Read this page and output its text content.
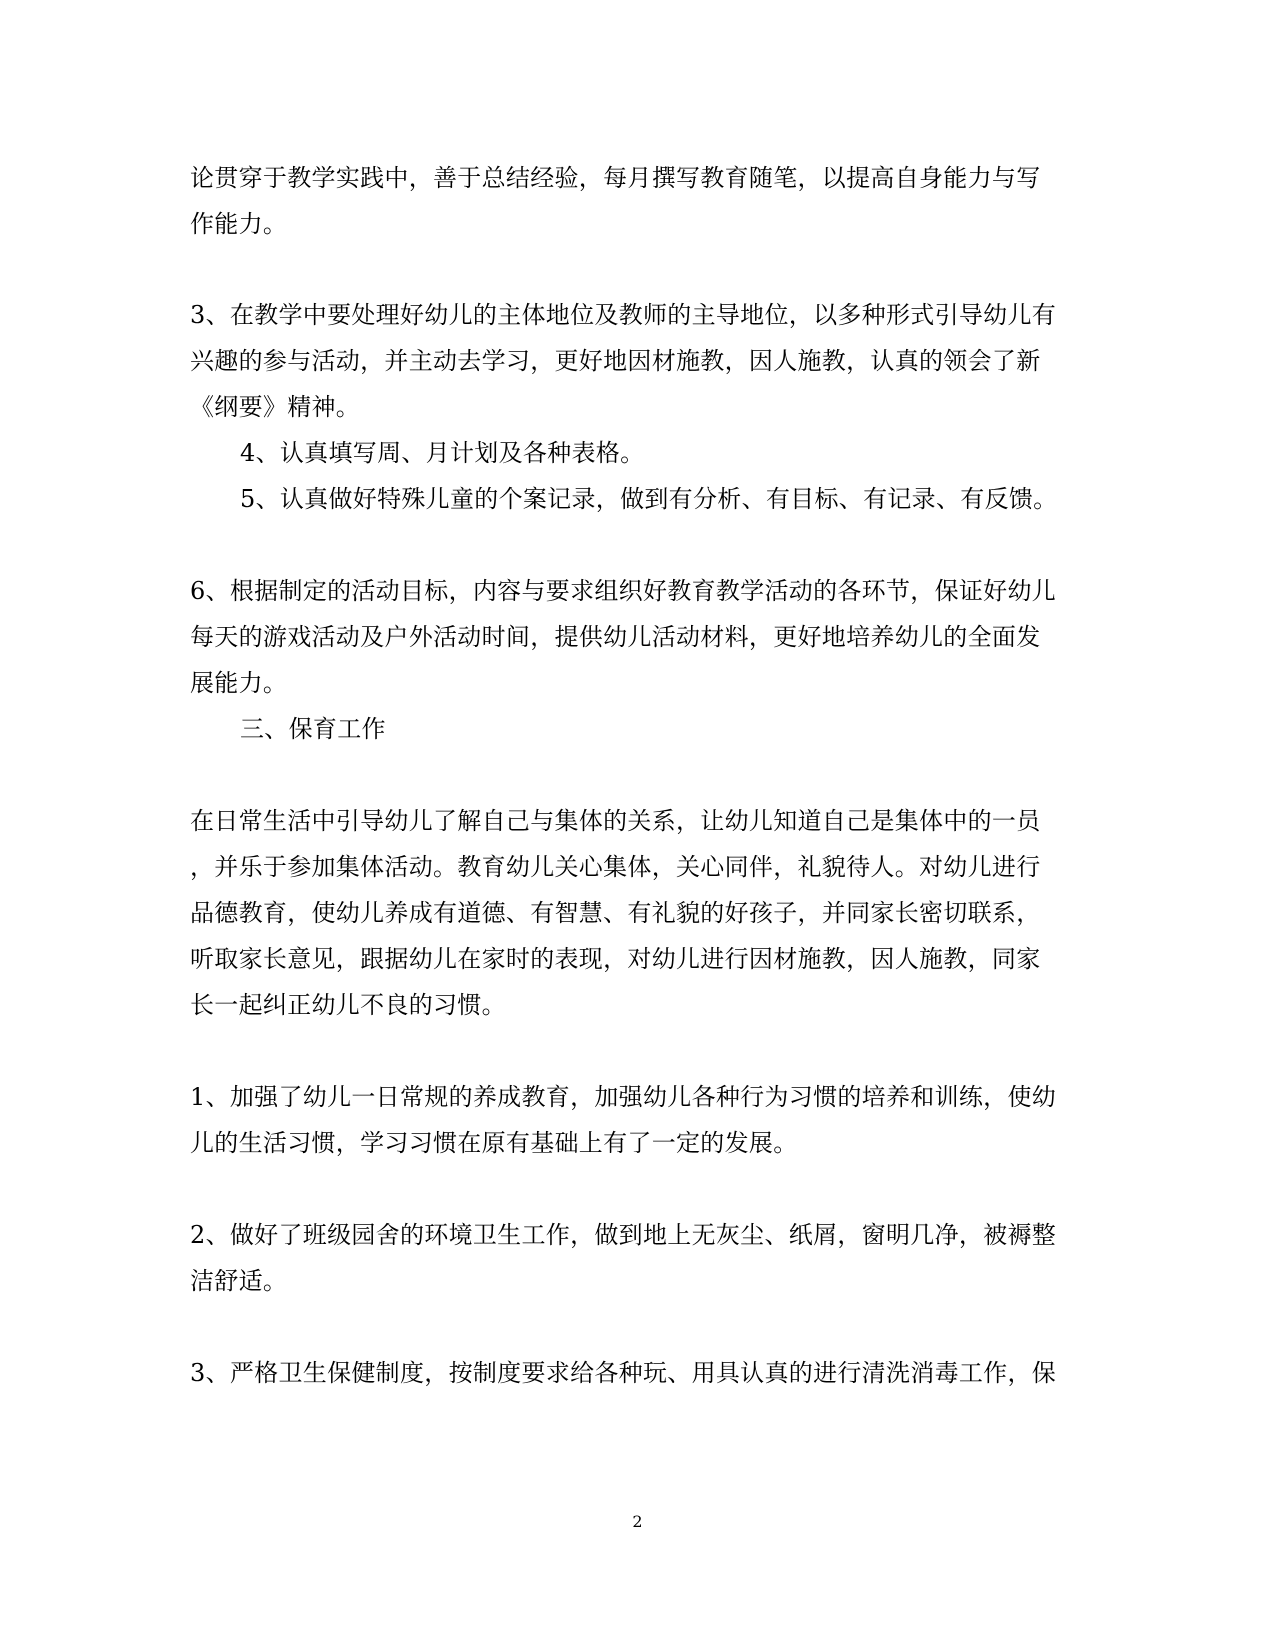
论贯穿于教学实践中，善于总结经验，每月撰写教育随笔，以提高自身能力与写
作能力。
3、在教学中要处理好幼儿的主体地位及教师的主导地位，以多种形式引导幼儿有
兴趣的参与活动，并主动去学习，更好地因材施教，因人施教，认真的领会了新
《纲要》精神。
4、认真填写周、月计划及各种表格。
5、认真做好特殊儿童的个案记录，做到有分析、有目标、有记录、有反馈。
6、根据制定的活动目标，内容与要求组织好教育教学活动的各环节，保证好幼儿
每天的游戏活动及户外活动时间，提供幼儿活动材料，更好地培养幼儿的全面发
展能力。
三、保育工作
在日常生活中引导幼儿了解自己与集体的关系，让幼儿知道自己是集体中的一员
，并乐于参加集体活动。教育幼儿关心集体，关心同伴，礼貌待人。对幼儿进行
品德教育，使幼儿养成有道德、有智慧、有礼貌的好孩子，并同家长密切联系，
听取家长意见，跟据幼儿在家时的表现，对幼儿进行因材施教，因人施教，同家
长一起纠正幼儿不良的习惯。
1、加强了幼儿一日常规的养成教育，加强幼儿各种行为习惯的培养和训练，使幼
儿的生活习惯，学习习惯在原有基础上有了一定的发展。
2、做好了班级园舍的环境卫生工作，做到地上无灰尘、纸屑，窗明几净，被褥整
洁舒适。
3、严格卫生保健制度，按制度要求给各种玩、用具认真的进行清洗消毒工作，保
2
